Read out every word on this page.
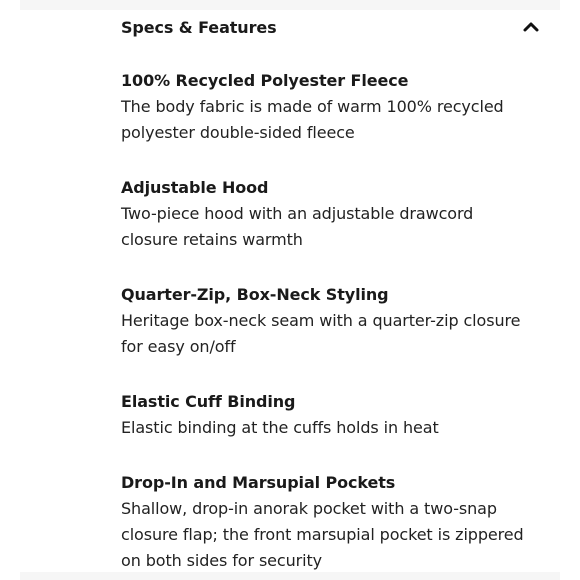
Specs & Features
100% Recycled Polyester Fleece
The body fabric is made of warm 100% recycled polyester double-sided fleece
Adjustable Hood
Two-piece hood with an adjustable drawcord closure retains warmth
Quarter-Zip, Box-Neck Styling
Heritage box-neck seam with a quarter-zip closure for easy on/off
Elastic Cuff Binding
Elastic binding at the cuffs holds in heat
Drop-In and Marsupial Pockets
Shallow, drop-in anorak pocket with a two-snap closure flap; the front marsupial pocket is zippered on both sides for security
